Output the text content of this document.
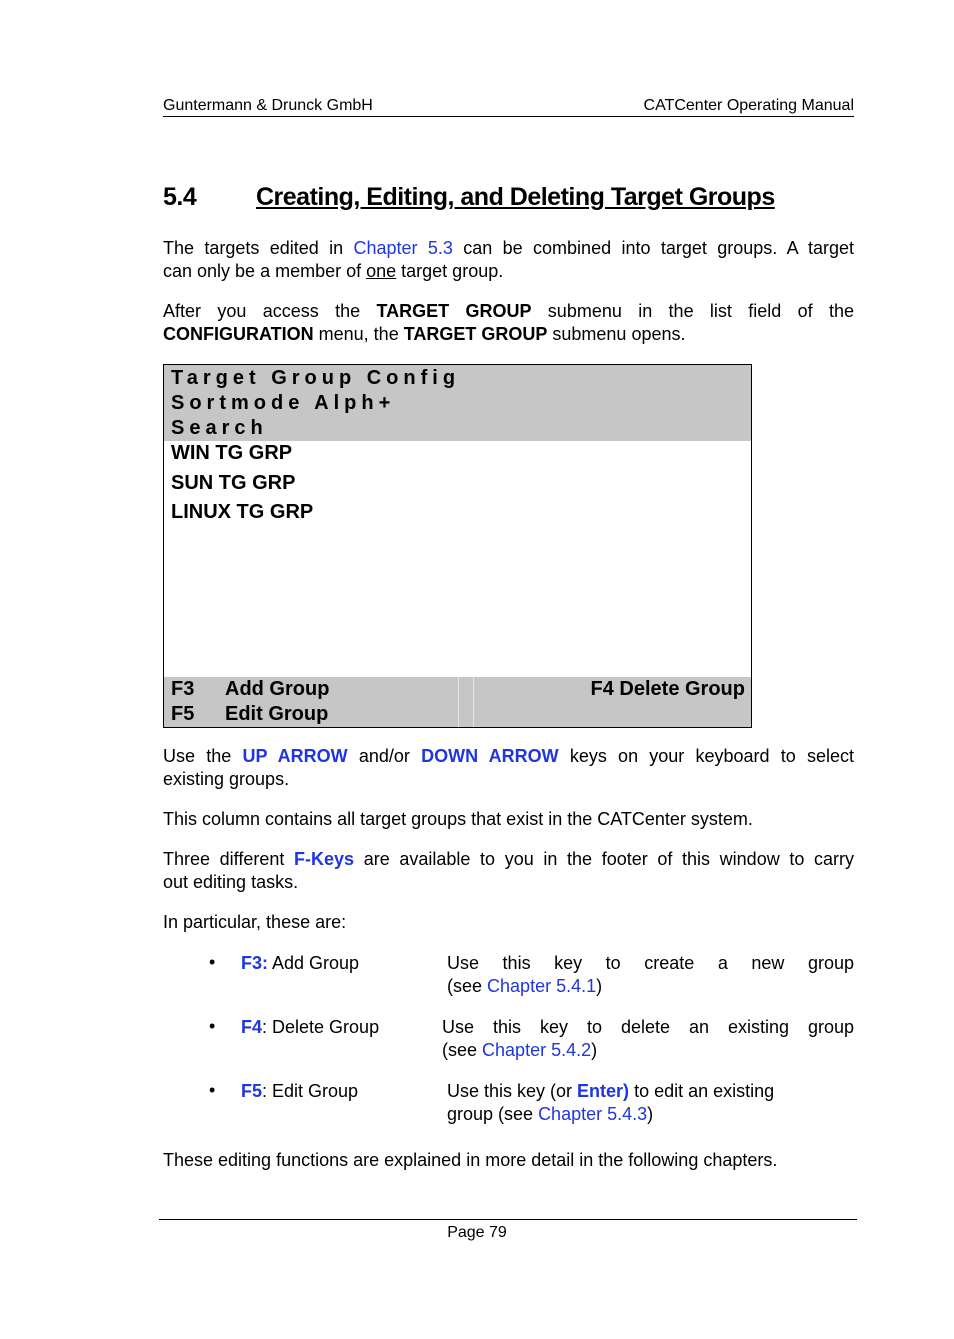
Guntermann & Drunck GmbH	CATCenter Operating Manual
5.4 Creating, Editing, and Deleting Target Groups
The targets edited in Chapter 5.3 can be combined into target groups. A target
can only be a member of one target group.
After you access the TARGET GROUP submenu in the list field of the
CONFIGURATION menu, the TARGET GROUP submenu opens.
Target Group Config
Sortmode Alph+
Search
WIN TG GRP
SUN TG GRP
LINUX TG GRP
F3 Add Group
F5 Edit Group
F4 Delete Group
Use the UP ARROW and/or DOWN ARROW keys on your keyboard to select
existing groups.
This column contains all target groups that exist in the CATCenter system.
Three different F-Keys are available to you in the footer of this window to carry
out editing tasks.
In particular, these are:
• F3: Add Group	Use this key to create a new group
(see Chapter 5.4.1)
• F4: Delete Group	Use this key to delete an existing group
(see Chapter 5.4.2)
• F5: Edit Group	Use this key (or Enter) to edit an existing
group (see Chapter 5.4.3)
These editing functions are explained in more detail in the following chapters.
Page 79
